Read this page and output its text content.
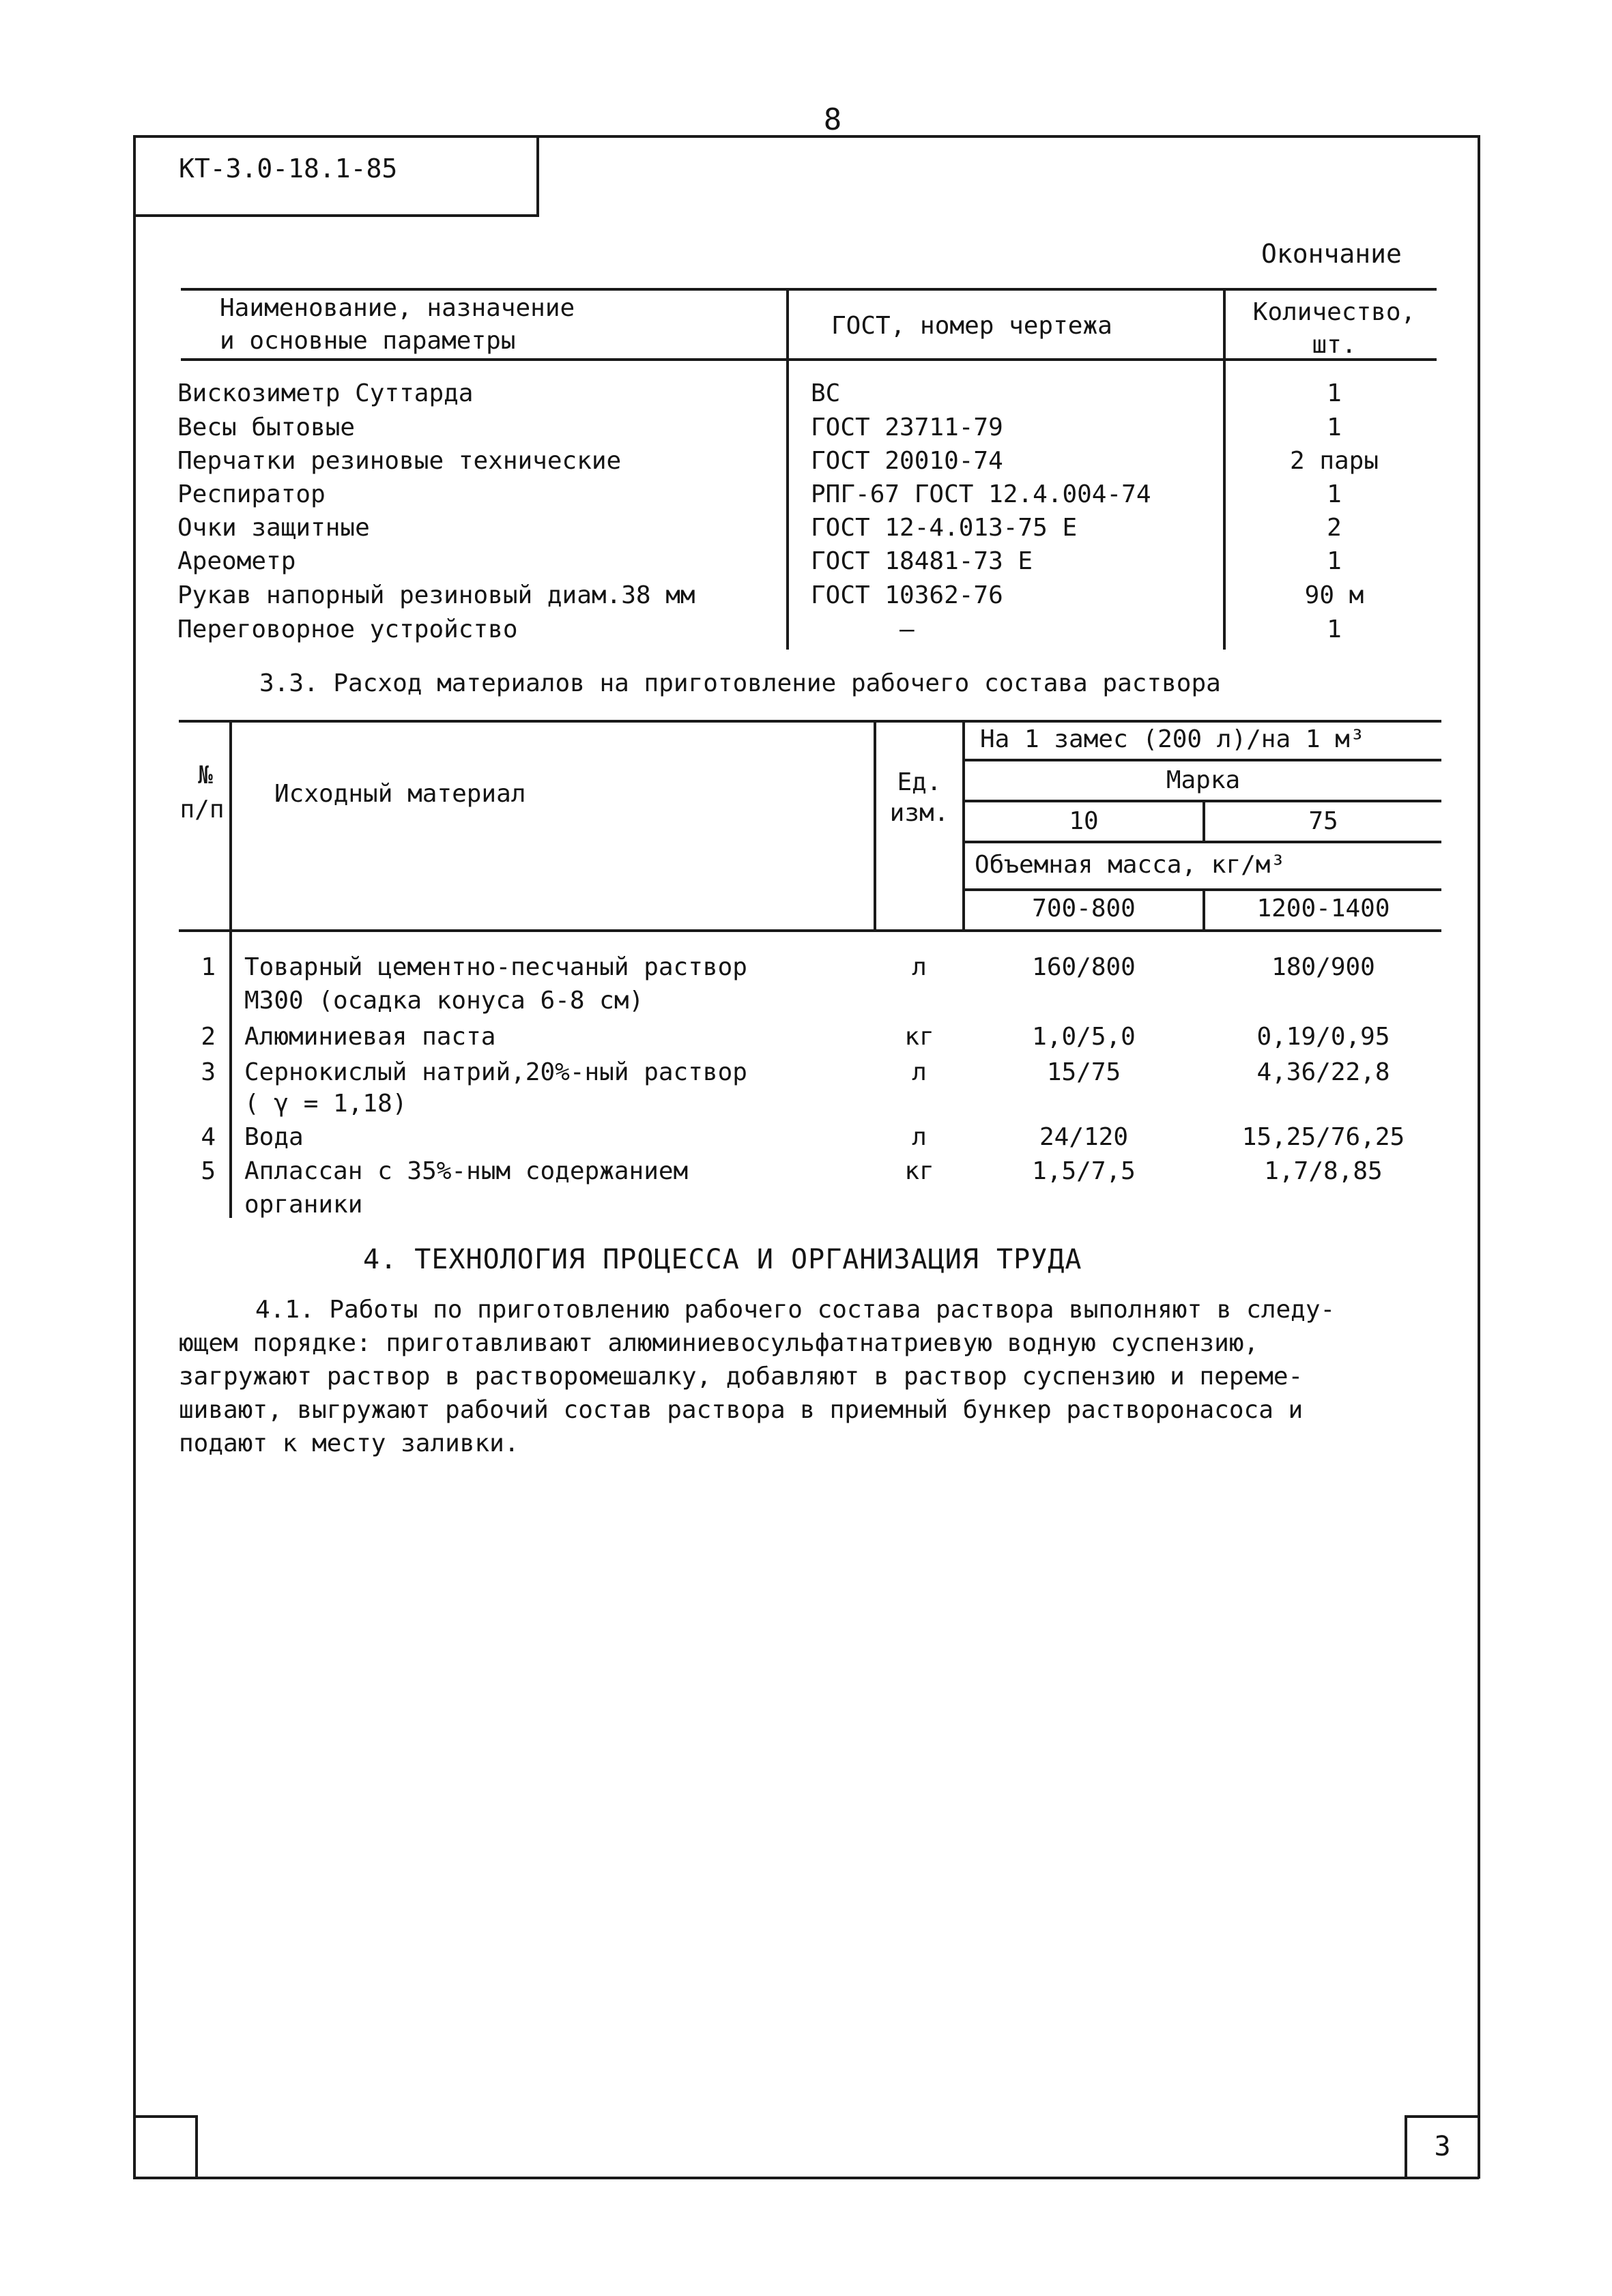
8
КТ-3.0-18.1-85
Окончание
Наименование, назначение
и основные параметры
ГОСТ, номер чертежа	Количество,
шт.
Вискозиметр Суттарда	ВС	1
Весы бытовые	ГОСТ 23711-79	1
Перчатки резиновые технические	ГОСТ 20010-74	2 пары
Респиратор	РПГ-67 ГОСТ 12.4.004-74	1
Очки защитные	ГОСТ 12-4.013-75 Е	2
Ареометр	ГОСТ 18481-73 Е	1
Рукав напорный резиновый диам.38 мм	ГОСТ 10362-76	90 м
Переговорное устройство	–	1
3.3. Расход материалов на приготовление рабочего состава раствора
№
п/п
Исходный материал	Ед.
изм.
На 1 замес (200 л)/на 1 м³
Марка
10	75
Объемная масса, кг/м³
700-800	1200-1400
1 Товарный цементно-песчаный раствор
М300 (осадка конуса 6-8 см)
л	160/800	180/900
2 Алюминиевая паста	кг	1,0/5,0	0,19/0,95
3 Сернокислый натрий,20%-ный раствор
( γ = 1,18)
л	15/75	4,36/22,8
4 Вода	л	24/120	15,25/76,25
5 Аплассан с 35%-ным содержанием
органики
кг	1,5/7,5	1,7/8,85
4. ТЕХНОЛОГИЯ ПРОЦЕССА И ОРГАНИЗАЦИЯ ТРУДА
4.1. Работы по приготовлению рабочего состава раствора выполняют в следу-
ющем порядке: приготавливают алюминиевосульфатнатриевую водную суспензию,
загружают раствор в растворомешалку, добавляют в раствор суспензию и переме-
шивают, выгружают рабочий состав раствора в приемный бункер растворонасоса и
подают к месту заливки.
3
